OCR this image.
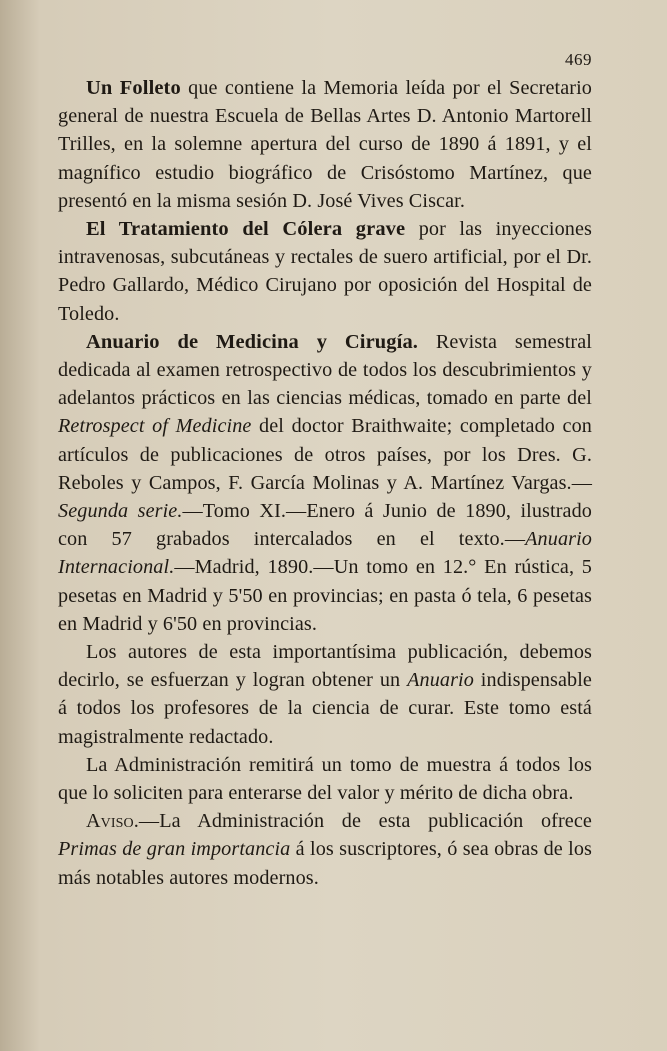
469

Un Folleto que contiene la Memoria leída por el Secretario general de nuestra Escuela de Bellas Artes D. Antonio Martorell Trilles, en la solemne apertura del curso de 1890 á 1891, y el magnífico estudio biográfico de Crisóstomo Martínez, que presentó en la misma sesión D. José Vives Ciscar.

El Tratamiento del Cólera grave por las inyecciones intravenosas, subcutáneas y rectales de suero artificial, por el Dr. Pedro Gallardo, Médico Cirujano por oposición del Hospital de Toledo.

Anuario de Medicina y Cirugía. Revista semestral dedicada al examen retrospectivo de todos los descubrimientos y adelantos prácticos en las ciencias médicas, tomado en parte del Retrospect of Medicine del doctor Braithwaite; completado con artículos de publicaciones de otros países, por los Dres. G. Reboles y Campos, F. García Molinas y A. Martínez Vargas.—Segunda serie.—Tomo XI.—Enero á Junio de 1890, ilustrado con 57 grabados intercalados en el texto.—Anuario Internacional.—Madrid, 1890.—Un tomo en 12.° En rústica, 5 pesetas en Madrid y 5'50 en provincias; en pasta ó tela, 6 pesetas en Madrid y 6'50 en provincias.

Los autores de esta importantísima publicación, debemos decirlo, se esfuerzan y logran obtener un Anuario indispensable á todos los profesores de la ciencia de curar. Este tomo está magistralmente redactado.

La Administración remitirá un tomo de muestra á todos los que lo soliciten para enterarse del valor y mérito de dicha obra.

Aviso.—La Administración de esta publicación ofrece Primas de gran importancia á los suscriptores, ó sea obras de los más notables autores modernos.
